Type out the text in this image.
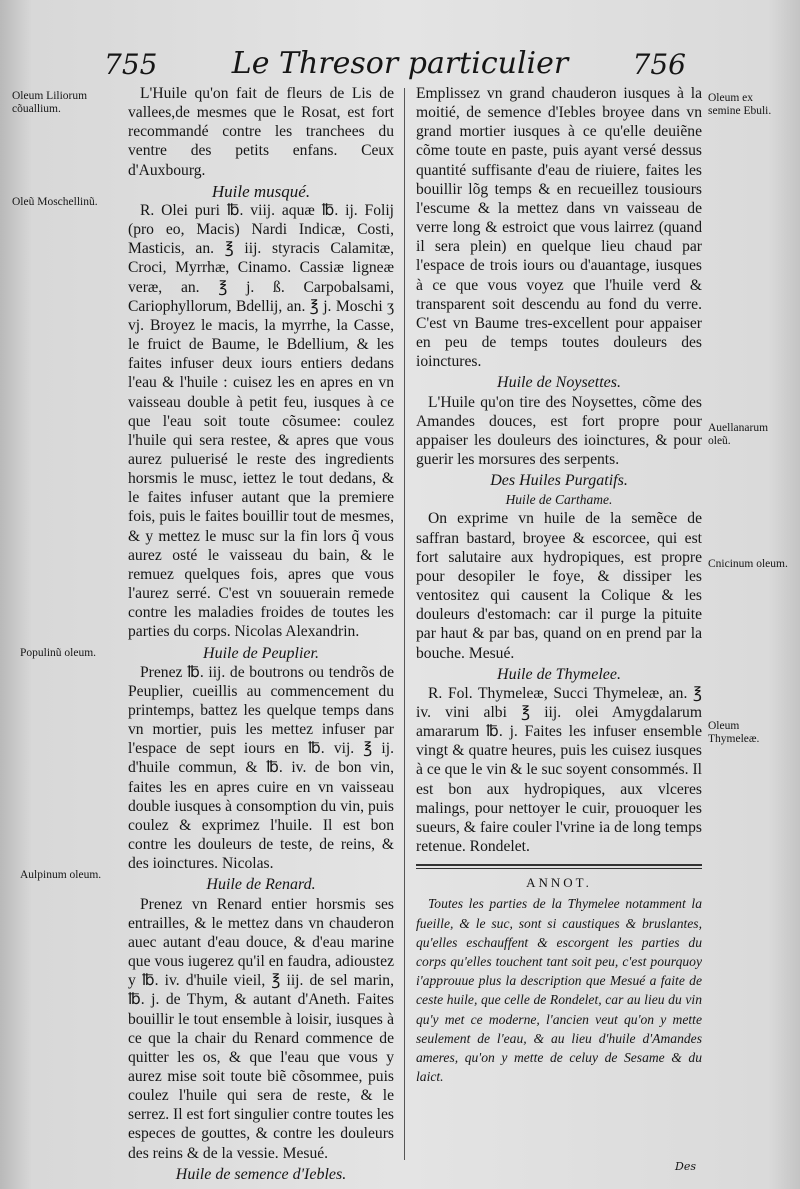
755	Le Thresor particulier	756
Oleum Liliorum cõuallium.
Oleũ Moschellinũ.
Populinũ oleum.
Aulpinum oleum.
Oleum ex semine Ebuli.
Auellanarum oleũ.
Cnicinum oleum.
Oleum Thymeleæ.

L'Huile qu'on fait de fleurs de Lis de vallees,de mesmes que le Rosat, est fort recommandé contre les tranchees du ventre des petits enfans. Ceux d'Auxbourg.

Huile musqué.

R. Olei puri ℔. viij. aquæ ℔. ij. Folij (pro eo, Macis) Nardi Indicæ, Costi, Masticis, an. ℥ iij. styracis Calamitæ, Croci, Myrrhæ, Cinamo. Cassiæ ligneæ veræ, an. ℥ j. ß. Carpobalsami, Cariophyllorum, Bdellij, an. ℥ j. Moschi ʒ vj. Broyez le macis, la myrrhe, la Casse, le fruict de Baume, le Bdellium, & les faites infuser deux iours entiers dedans l'eau & l'huile : cuisez les en apres en vn vaisseau double à petit feu, iusques à ce que l'eau soit toute cõsumee: coulez l'huile qui sera restee, & apres que vous aurez puluerisé le reste des ingredients horsmis le musc, iettez le tout dedans, & le faites infuser autant que la premiere fois, puis le faites bouillir tout de mesmes, & y mettez le musc sur la fin lors q̃ vous aurez osté le vaisseau du bain, & le remuez quelques fois, apres que vous l'aurez serré. C'est vn souuerain remede contre les maladies froides de toutes les parties du corps. Nicolas Alexandrin.

Huile de Peuplier.

Prenez ℔. iij. de boutrons ou tendrõs de Peuplier, cueillis au commencement du printemps, battez les quelque temps dans vn mortier, puis les mettez infuser par l'espace de sept iours en ℔. vij. ℥ ij. d'huile commun, & ℔. iv. de bon vin, faites les en apres cuire en vn vaisseau double iusques à consomption du vin, puis coulez & exprimez l'huile. Il est bon contre les douleurs de teste, de reins, & des ioinctures. Nicolas.

Huile de Renard.

Prenez vn Renard entier horsmis ses entrailles, & le mettez dans vn chauderon auec autant d'eau douce, & d'eau marine que vous iugerez qu'il en faudra, adioustez y ℔. iv. d'huile vieil, ℥ iij. de sel marin, ℔. j. de Thym, & autant d'Aneth. Faites bouillir le tout ensemble à loisir, iusques à ce que la chair du Renard commence de quitter les os, & que l'eau que vous y aurez mise soit toute biẽ cõsommee, puis coulez l'huile qui sera de reste, & le serrez. Il est fort singulier contre toutes les especes de gouttes, & contre les douleurs des reins & de la vessie. Mesué.

Huile de semence d'Iebles.

Emplissez vn grand chauderon iusques à la moitié, de semence d'Iebles broyee dans vn grand mortier iusques à ce qu'elle deuiẽne cõme toute en paste, puis ayant versé dessus quantité suffisante d'eau de riuiere, faites les bouillir lõg temps & en recueillez tousiours l'escume & la mettez dans vn vaisseau de verre long & estroict que vous lairrez (quand il sera plein) en quelque lieu chaud par l'espace de trois iours ou d'auantage, iusques à ce que vous voyez que l'huile verd & transparent soit descendu au fond du verre. C'est vn Baume tres-excellent pour appaiser en peu de temps toutes douleurs des ioinctures.

Huile de Noysettes.

L'Huile qu'on tire des Noysettes, cõme des Amandes douces, est fort propre pour appaiser les douleurs des ioinctures, & pour guerir les morsures des serpents.

Des Huiles Purgatifs.
Huile de Carthame.

On exprime vn huile de la semẽce de saffran bastard, broyee & escorcee, qui est fort salutaire aux hydropiques, est propre pour desopiler le foye, & dissiper les ventositez qui causent la Colique & les douleurs d'estomach: car il purge la pituite par haut & par bas, quand on en prend par la bouche. Mesué.

Huile de Thymelee.

R. Fol. Thymeleæ, Succi Thymeleæ, an. ℥ iv. vini albi ℥ iij. olei Amygdalarum amararum ℔. j. Faites les infuser ensemble vingt & quatre heures, puis les cuisez iusques à ce que le vin & le suc soyent consommés. Il est bon aux hydropiques, aux vlceres malings, pour nettoyer le cuir, prouoquer les sueurs, & faire couler l'vrine ia de long temps retenue. Rondelet.

ANNOT.

Toutes les parties de la Thymelee notamment la fueille, & le suc, sont si caustiques & bruslantes, qu'elles eschauffent & escorgent les parties du corps qu'elles touchent tant soit peu, c'est pourquoy i'approuue plus la description que Mesué a faite de ceste huile, que celle de Rondelet, car au lieu du vin qu'y met ce moderne, l'ancien veut qu'on y mette seulement de l'eau, & au lieu d'huile d'Amandes ameres, qu'on y mette de celuy de Sesame & du laict.

Des
